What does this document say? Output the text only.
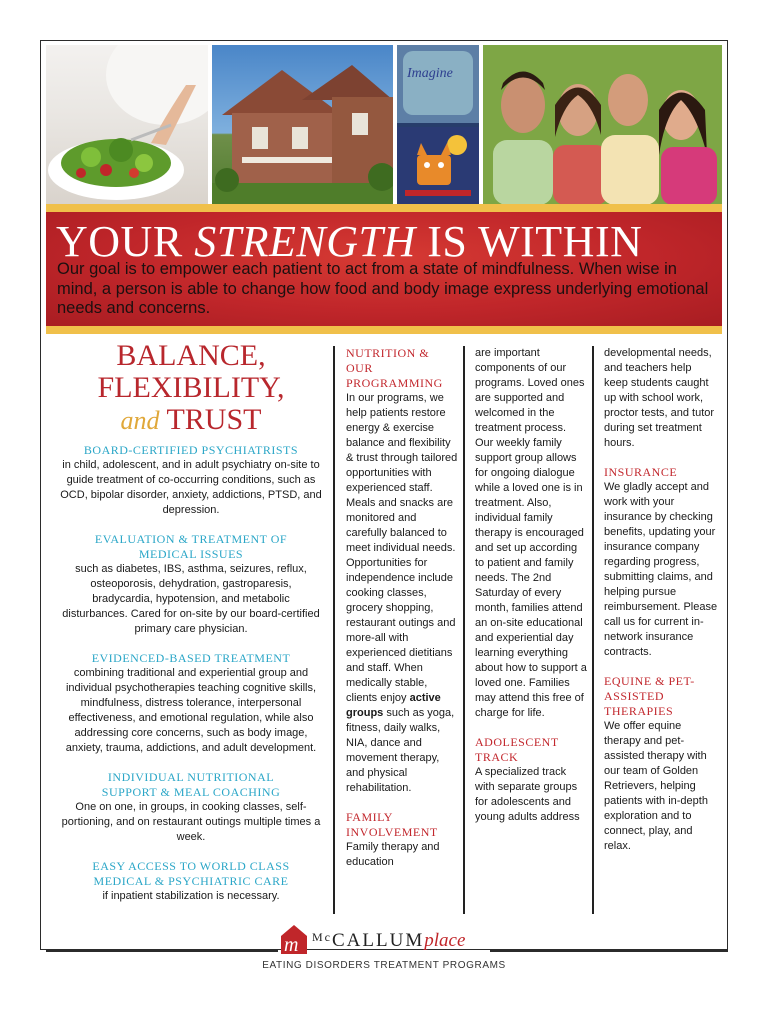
Imagine
YOUR STRENGTH IS WITHIN
Our goal is to empower each patient to act from a state of mindfulness. When wise in mind, a person is able to change how food and body image express underlying emotional needs and concerns.
BALANCE,
FLEXIBILITY,
and TRUST
BOARD-CERTIFIED PSYCHIATRISTS
in child, adolescent, and in adult psychiatry on-site to guide treatment of co-occurring conditions, such as OCD, bipolar disorder, anxiety, addictions, PTSD, and depression.
EVALUATION & TREATMENT OF MEDICAL ISSUES
such as diabetes, IBS, asthma, seizures, reflux, osteoporosis, dehydration, gastroparesis, bradycardia, hypotension, and metabolic disturbances. Cared for on-site by our board-certified primary care physician.
EVIDENCED-BASED TREATMENT
combining traditional and experiential group and individual psychotherapies teaching cognitive skills, mindfulness, distress tolerance, interpersonal effectiveness, and emotional regulation, while also addressing core concerns, such as body image, anxiety, trauma, addictions, and adult development.
INDIVIDUAL NUTRITIONAL SUPPORT & MEAL COACHING
One on one, in groups, in cooking classes, self-portioning, and on restaurant outings multiple times a week.
EASY ACCESS TO WORLD CLASS MEDICAL & PSYCHIATRIC CARE
if inpatient stabilization is necessary.
NUTRITION & OUR PROGRAMMING

In our programs, we help patients restore energy & exercise balance and flexibility & trust through tailored opportunities with experienced staff. Meals and snacks are monitored and carefully balanced to meet individual needs. Opportunities for independence include cooking classes, grocery shopping, restaurant outings and more-all with experienced dietitians and staff. When medically stable, clients enjoy active groups such as yoga, fitness, daily walks, NIA, dance and movement therapy, and physical rehabilitation.

FAMILY INVOLVEMENT

Family therapy and education

are important components of our programs. Loved ones are supported and welcomed in the treatment process. Our weekly family support group allows for ongoing dialogue while a loved one is in treatment. Also, individual family therapy is encouraged and set up according to patient and family needs. The 2nd Saturday of every month, families attend an on-site educational and experiential day learning everything about how to support a loved one. Families may attend this free of charge for life.

ADOLESCENT TRACK

A specialized track with separate groups for adolescents and young adults address

developmental needs, and teachers help keep students caught up with school work, proctor tests, and tutor during set treatment hours.

INSURANCE

We gladly accept and work with your insurance by checking benefits, updating your insurance company regarding progress, submitting claims, and helping pursue reimbursement. Please call us for current in-network insurance contracts.

EQUINE & PET-ASSISTED THERAPIES

We offer equine therapy and pet-assisted therapy with our team of Golden Retrievers, helping patients with in-depth exploration and to connect, play, and relax.

m $^{Mc}$CALLUMplace
EATING DISORDERS TREATMENT PROGRAMS
